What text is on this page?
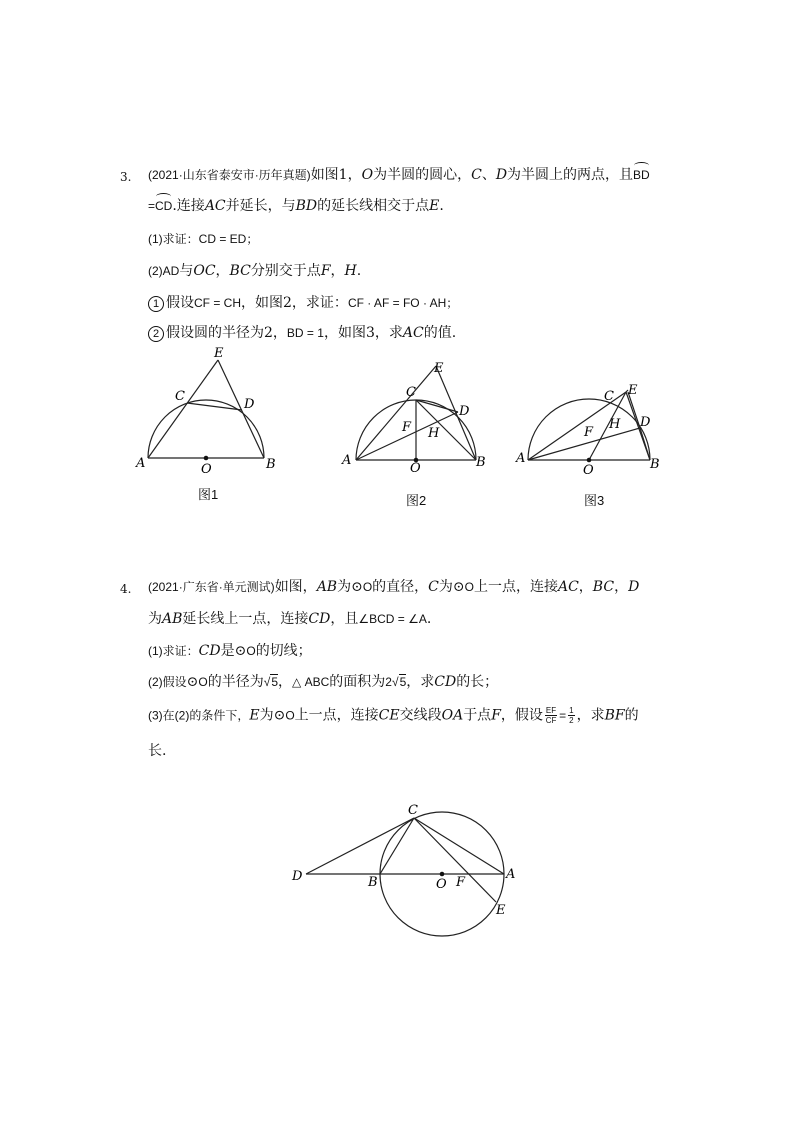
3. (2021·山东省泰安市·历年真题)如图1，O为半圆的圆心，C、D为半圆上的两点，且BD
=CD.连接AC并延长，与BD的延长线相交于点E.
(1)求证：CD = ED；
(2)AD与OC，BC分别交于点F，H.
1 假设CF = CH，如图2，求证：CF · AF = FO · AH；
2 假设圆的半径为2，BD = 1，如图3，求AC的值.
A	B
O
C
D
E
图1
A	B
O
C
D
E
F H
图2
A	B
O
C
D
E
F
H
图3
4. (2021·广东省·单元测试)如图，AB为⊙O的直径，C为⊙O上一点，连接AC，BC，D
为AB延长线上一点，连接CD，且∠BCD = ∠A.
(1)求证：CD是⊙O的切线；
(2)假设⊙O的半径为√5，△ ABC的面积为2√5，求CD的长；
(3)在(2)的条件下，E为⊙O上一点，连接CE交线段OA于点F，假设 $\frac{EF}{CF} = \frac{1}{2}$ ，求BF的
长.
D	B	O F
A
C
E
